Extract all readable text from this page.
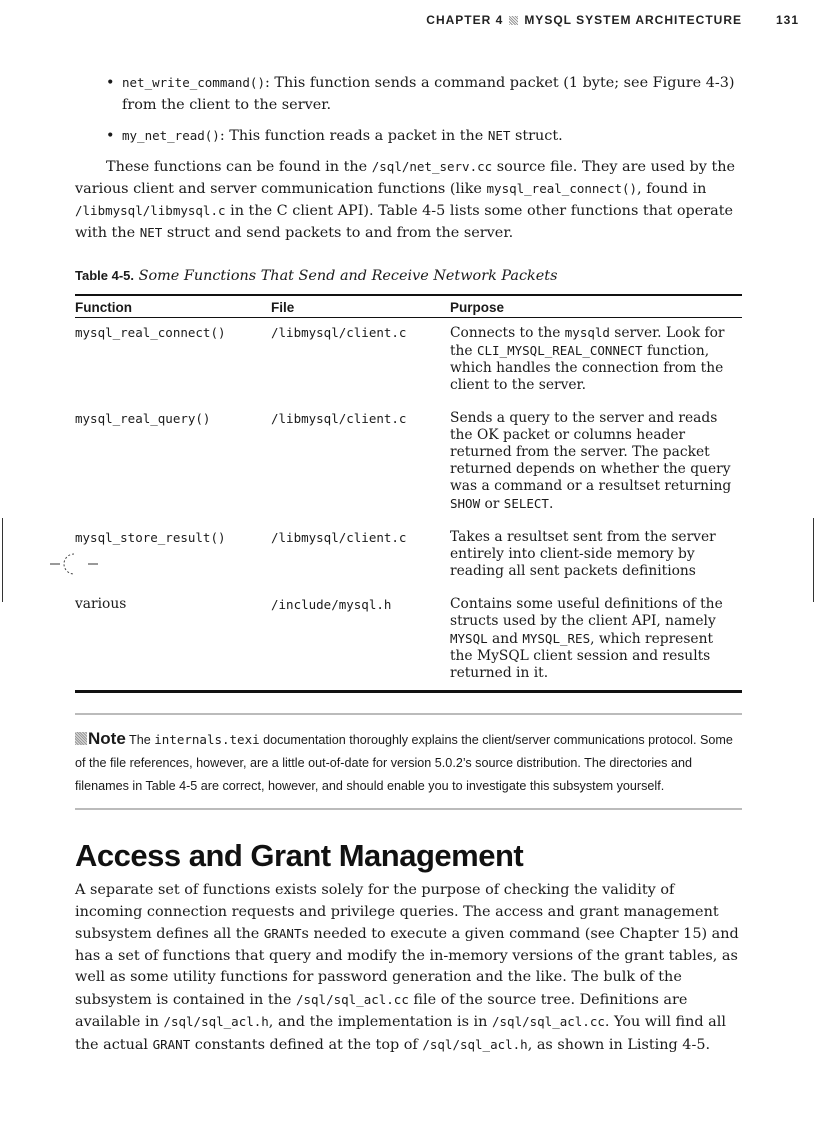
CHAPTER 4 MYSQL SYSTEM ARCHITECTURE	131
• net_write_command(): This function sends a command packet (1 byte; see Figure 4-3) from the client to the server.
• my_net_read(): This function reads a packet in the NET struct.

These functions can be found in the /sql/net_serv.cc source file. They are used by the various client and server communication functions (like mysql_real_connect(), found in /libmysql/libmysql.c in the C client API). Table 4-5 lists some other functions that operate with the NET struct and send packets to and from the server.

Table 4-5. Some Functions That Send and Receive Network Packets
Function	File	Purpose
mysql_real_connect()	/libmysql/client.c	Connects to the mysqld server. Look for the CLI_MYSQL_REAL_CONNECT function, which handles the connection from the client to the server.
mysql_real_query()	/libmysql/client.c	Sends a query to the server and reads the OK packet or columns header returned from the server. The packet returned depends on whether the query was a command or a resultset returning SHOW or SELECT.
mysql_store_result()	/libmysql/client.c	Takes a resultset sent from the server entirely into client-side memory by reading all sent packets definitions
various	/include/mysql.h	Contains some useful definitions of the structs used by the client API, namely MYSQL and MYSQL_RES, which represent the MySQL client session and results returned in it.
Note The internals.texi documentation thoroughly explains the client/server communications protocol. Some of the file references, however, are a little out-of-date for version 5.0.2’s source distribution. The directories and filenames in Table 4-5 are correct, however, and should enable you to investigate this subsystem yourself.
Access and Grant Management

A separate set of functions exists solely for the purpose of checking the validity of incoming connection requests and privilege queries. The access and grant management subsystem defines all the GRANTs needed to execute a given command (see Chapter 15) and has a set of functions that query and modify the in-memory versions of the grant tables, as well as some utility functions for password generation and the like. The bulk of the subsystem is contained in the /sql/sql_acl.cc file of the source tree. Definitions are available in /sql/sql_acl.h, and the implementation is in /sql/sql_acl.cc. You will find all the actual GRANT constants defined at the top of /sql/sql_acl.h, as shown in Listing 4-5.
